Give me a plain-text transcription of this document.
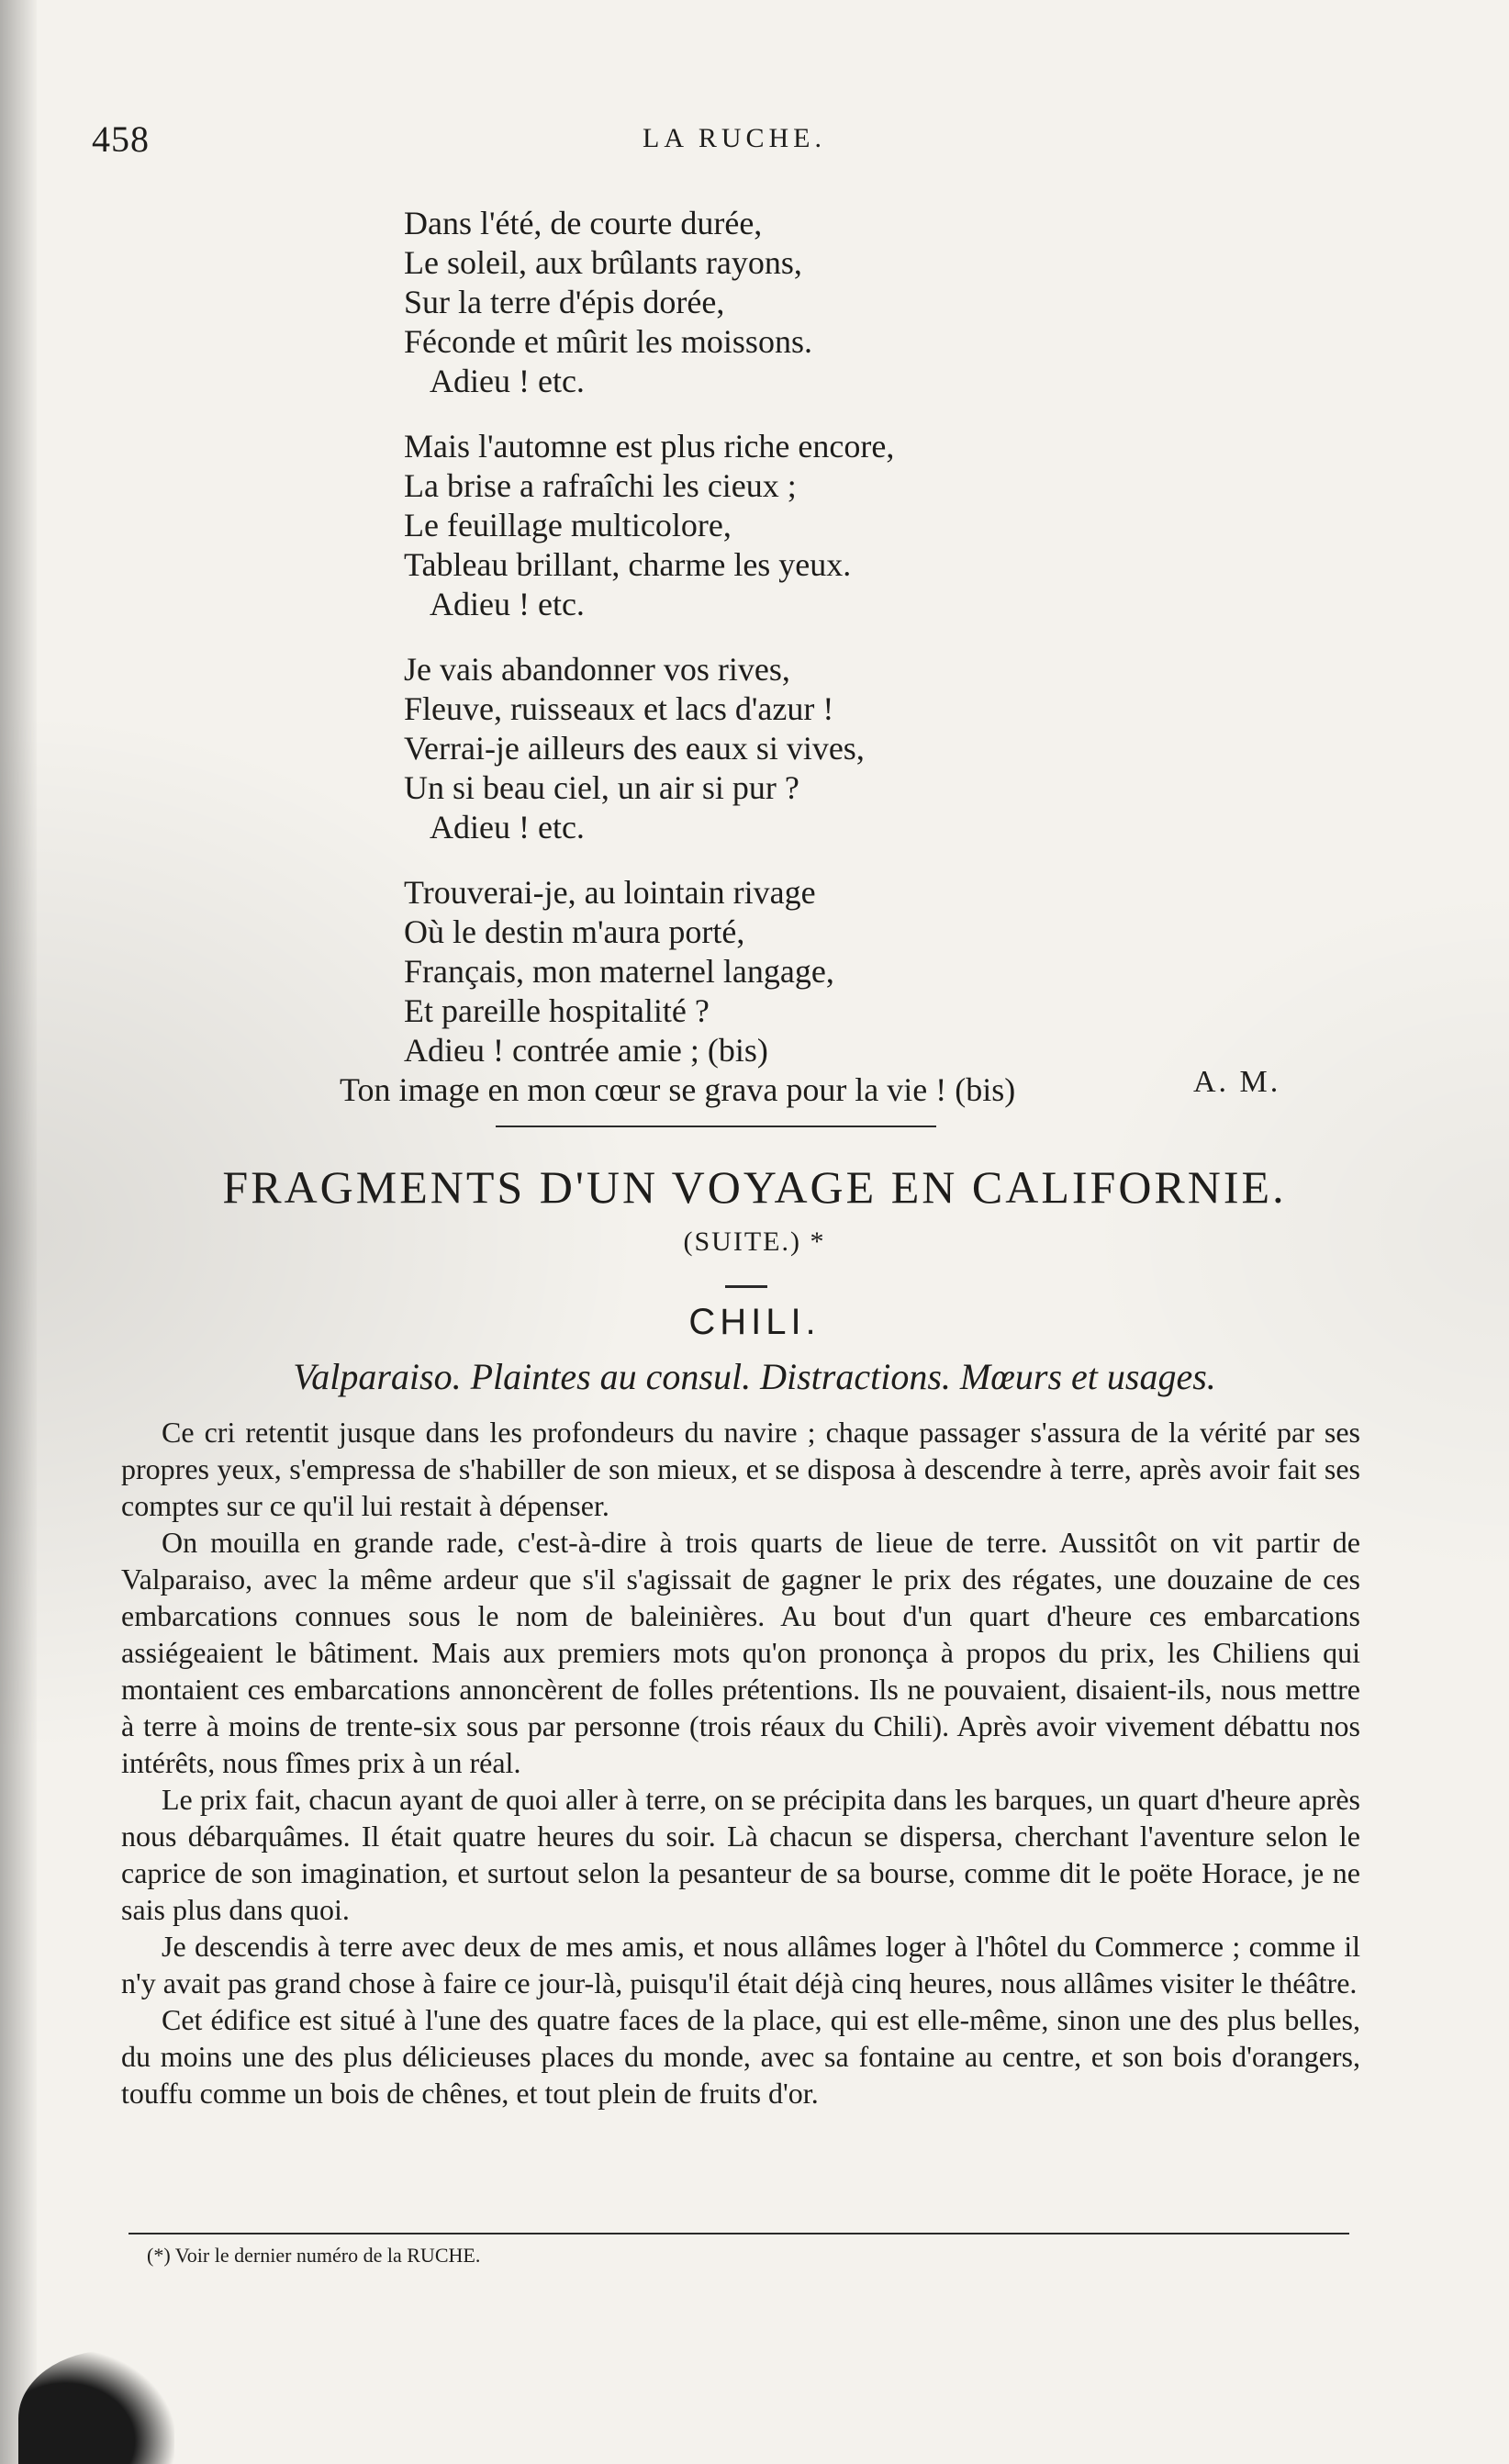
458	LA RUCHE.
Dans l'été, de courte durée,
Le soleil, aux brûlants rayons,
Sur la terre d'épis dorée,
Féconde et mûrit les moissons.
Adieu ! etc.
Mais l'automne est plus riche encore,
La brise a rafraîchi les cieux ;
Le feuillage multicolore,
Tableau brillant, charme les yeux.
Adieu ! etc.
Je vais abandonner vos rives,
Fleuve, ruisseaux et lacs d'azur !
Verrai-je ailleurs des eaux si vives,
Un si beau ciel, un air si pur ?
Adieu ! etc.
Trouverai-je, au lointain rivage
Où le destin m'aura porté,
Français, mon maternel langage,
Et pareille hospitalité ?
Adieu ! contrée amie ; (bis)
Ton image en mon cœur se grava pour la vie ! (bis)	A. M.
FRAGMENTS D'UN VOYAGE EN CALIFORNIE.
(SUITE.) *
CHILI.
Valparaiso. Plaintes au consul. Distractions. Mœurs et usages.

Ce cri retentit jusque dans les profondeurs du navire ; chaque passager s'assura de la vérité par ses propres yeux, s'empressa de s'habiller de son mieux, et se disposa à descendre à terre, après avoir fait ses comptes sur ce qu'il lui restait à dépenser.

On mouilla en grande rade, c'est-à-dire à trois quarts de lieue de terre. Aussitôt on vit partir de Valparaiso, avec la même ardeur que s'il s'agissait de gagner le prix des régates, une douzaine de ces embarcations connues sous le nom de baleinières. Au bout d'un quart d'heure ces embarcations assiégeaient le bâtiment. Mais aux premiers mots qu'on prononça à propos du prix, les Chiliens qui montaient ces embarcations annoncèrent de folles prétentions. Ils ne pouvaient, disaient-ils, nous mettre à terre à moins de trente-six sous par personne (trois réaux du Chili). Après avoir vivement débattu nos intérêts, nous fîmes prix à un réal.

Le prix fait, chacun ayant de quoi aller à terre, on se précipita dans les barques, un quart d'heure après nous débarquâmes. Il était quatre heures du soir. Là chacun se dispersa, cherchant l'aventure selon le caprice de son imagination, et surtout selon la pesanteur de sa bourse, comme dit le poëte Horace, je ne sais plus dans quoi.

Je descendis à terre avec deux de mes amis, et nous allâmes loger à l'hôtel du Commerce ; comme il n'y avait pas grand chose à faire ce jour-là, puisqu'il était déjà cinq heures, nous allâmes visiter le théâtre.

Cet édifice est situé à l'une des quatre faces de la place, qui est elle-même, sinon une des plus belles, du moins une des plus délicieuses places du monde, avec sa fontaine au centre, et son bois d'orangers, touffu comme un bois de chênes, et tout plein de fruits d'or.

(*) Voir le dernier numéro de la RUCHE.
